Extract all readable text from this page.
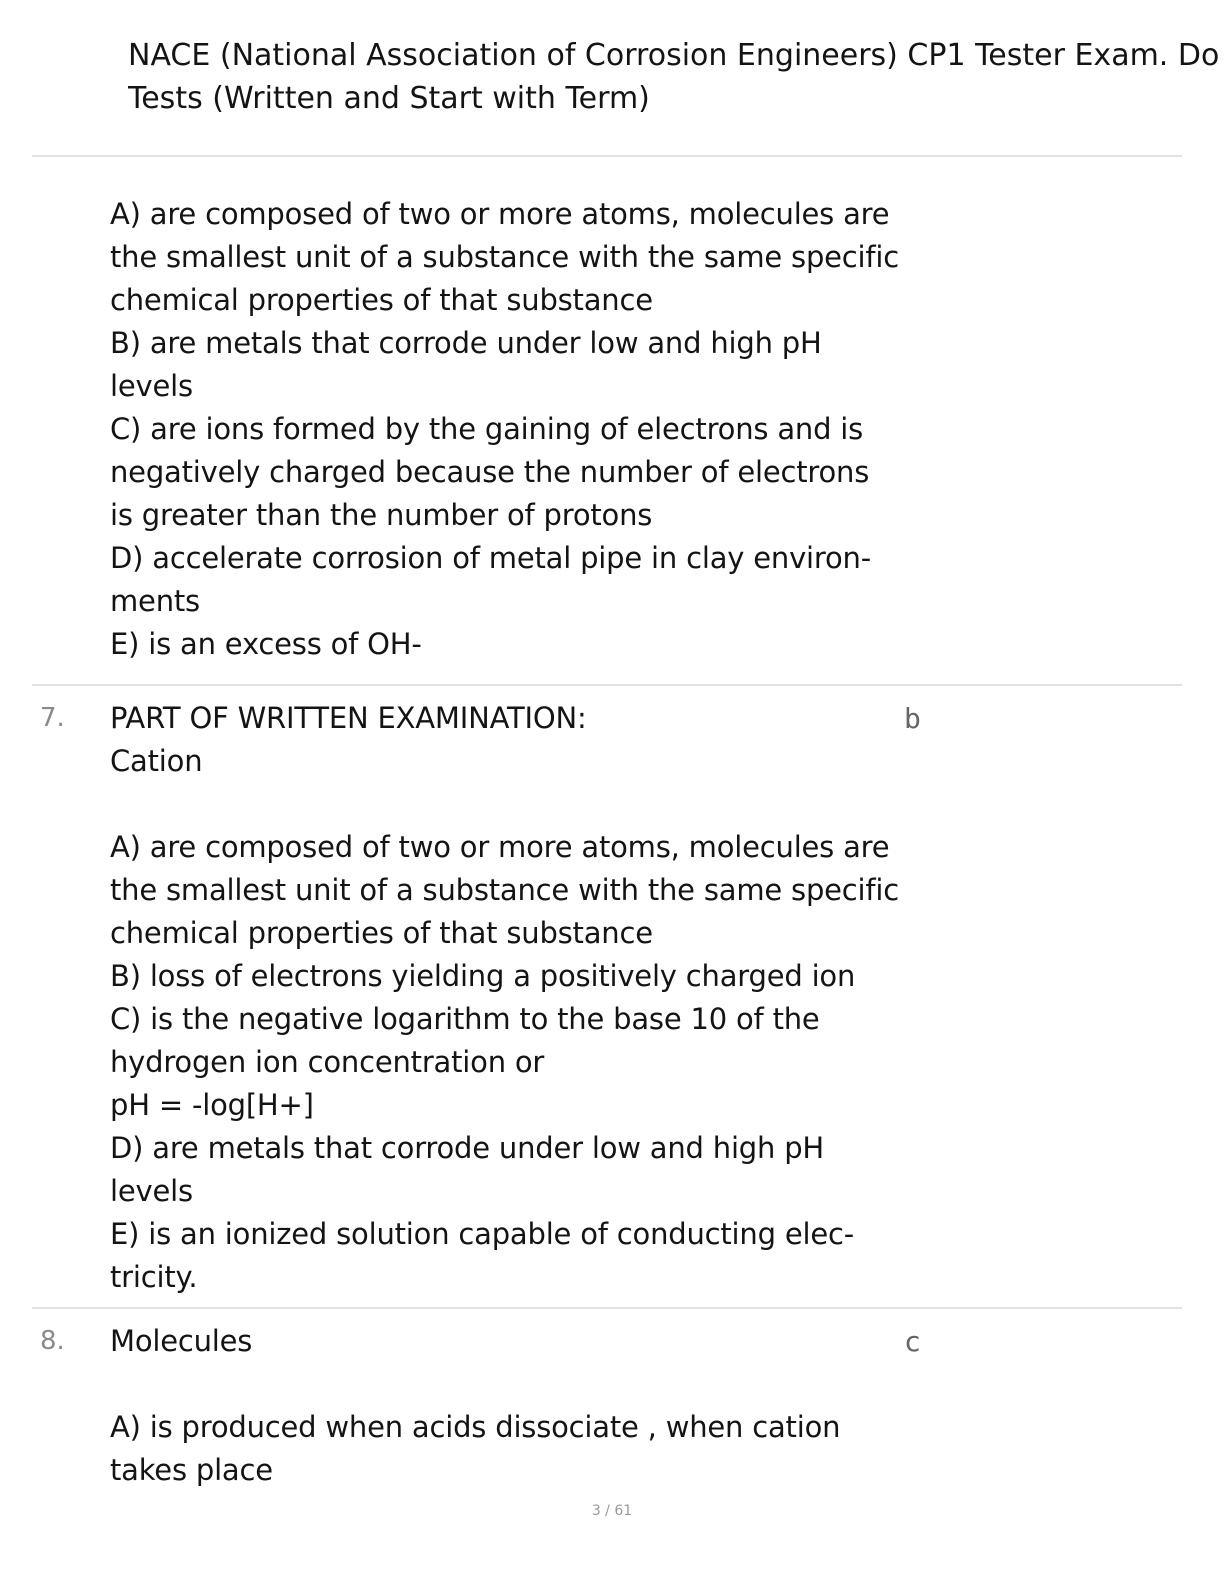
NACE (National Association of Corrosion Engineers) CP1 Tester Exam. Do
Tests (Written and Start with Term)
A) are composed of two or more atoms, molecules are
the smallest unit of a substance with the same specific
chemical properties of that substance
B) are metals that corrode under low and high pH
levels
C) are ions formed by the gaining of electrons and is
negatively charged because the number of electrons
is greater than the number of protons
D) accelerate corrosion of metal pipe in clay environ-
ments
E) is an excess of OH-
7.	b
PART OF WRITTEN EXAMINATION:
Cation
A) are composed of two or more atoms, molecules are
the smallest unit of a substance with the same specific
chemical properties of that substance
B) loss of electrons yielding a positively charged ion
C) is the negative logarithm to the base 10 of the
hydrogen ion concentration or
pH = -log[H+]
D) are metals that corrode under low and high pH
levels
E) is an ionized solution capable of conducting elec-
tricity.
8.	c
Molecules
A) is produced when acids dissociate , when cation
takes place
3 / 61
